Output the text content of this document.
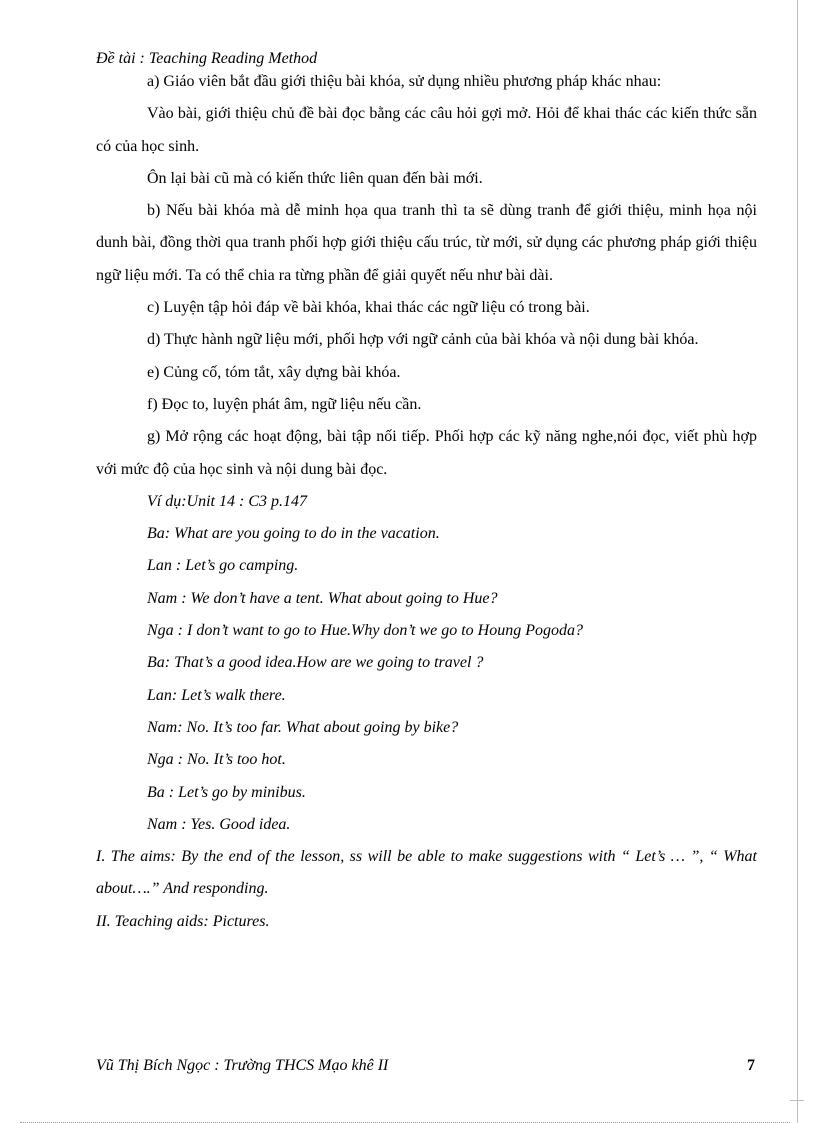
Đề tài : Teaching Reading Method

a) Giáo viên bắt đầu giới thiệu bài khóa, sử dụng nhiều phương pháp khác nhau:

Vào bài, giới thiệu chủ đề bài đọc bằng các câu hỏi gợi mở. Hỏi để khai thác các kiến thức sẵn có của học sinh.

Ôn lại bài cũ mà có kiến thức liên quan đến bài mới.

b) Nếu bài khóa mà dễ minh họa qua tranh thì ta sẽ dùng tranh để giới thiệu, minh họa nội dunh bài, đồng thời qua tranh phối hợp giới thiệu cấu trúc, từ mới, sử dụng các phương pháp giới thiệu ngữ liệu mới. Ta có thể chia ra từng phần để giải quyết nếu như bài dài.

c) Luyện tập hỏi đáp về bài khóa, khai thác các ngữ liệu có trong bài.

d) Thực hành ngữ liệu mới, phối hợp với ngữ cảnh của bài khóa và nội dung bài khóa.

e) Củng cố, tóm tắt, xây dựng bài khóa.

f) Đọc to, luyện phát âm, ngữ liệu nếu cần.

g) Mở rộng các hoạt động, bài tập nối tiếp. Phối hợp các kỹ năng nghe,nói đọc, viết phù hợp với mức độ của học sinh và nội dung bài đọc.

Ví dụ:Unit 14 : C3 p.147

Ba: What are you going to do in the vacation.

Lan : Let’s go camping.

Nam : We don’t have a tent. What about going to Hue?

Nga : I don’t want to go to Hue.Why don’t we go to Houng Pogoda?

Ba: That’s a good idea.How are we going to travel ?

Lan: Let’s walk there.

Nam: No. It’s too far. What about going by bike?

Nga : No. It’s too hot.

Ba : Let’s go by minibus.

Nam : Yes. Good idea.

I. The aims: By the end of the lesson, ss will be able to make suggestions with “ Let’s … ”, “ What about….” And responding.

II. Teaching aids: Pictures.

Vũ Thị Bích Ngọc : Trường THCS Mạo khê II	7
